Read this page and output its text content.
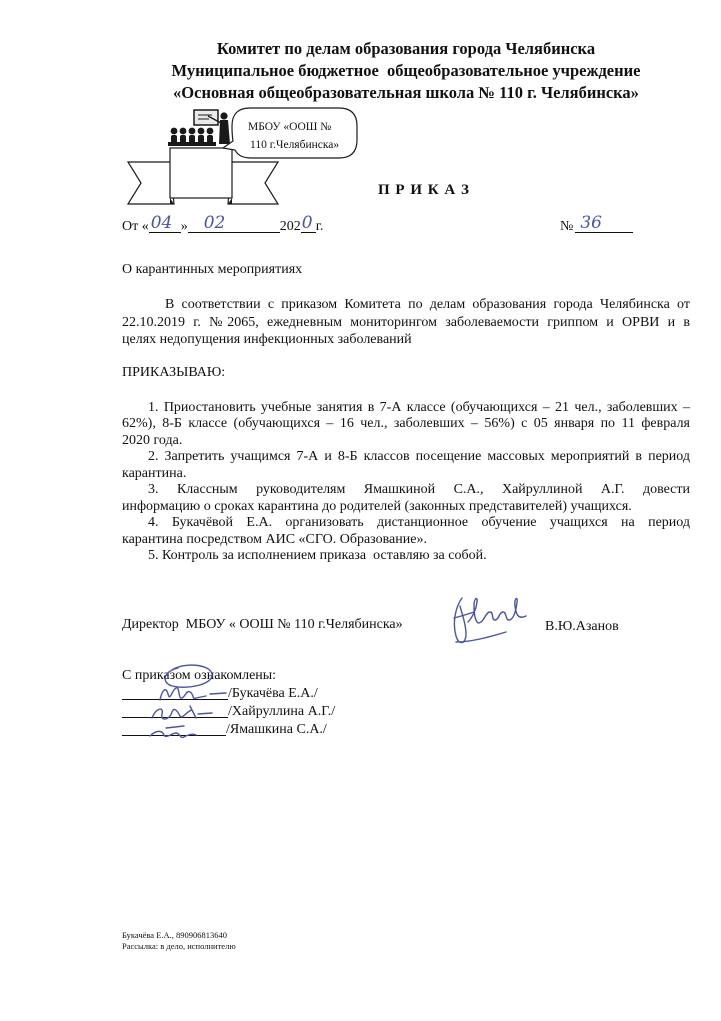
Комитет по делам образования города Челябинска
Муниципальное бюджетное  общеобразовательное учреждение
«Основная общеобразовательная школа № 110 г. Челябинска»
МБОУ «ООШ №
110 г.Челябинска»
П Р И К А З
От « 04 » 02	202 0 г.	№ 36
О карантинных мероприятиях
В соответствии с приказом Комитета по делам образования города Челябинска от
22.10.2019 г. №2065, ежедневным мониторингом заболеваемости гриппом и ОРВИ и в
целях недопущения инфекционных заболеваний
ПРИКАЗЫВАЮ:
1. Приостановить учебные занятия в 7-А классе (обучающихся – 21 чел., заболевших –
62%), 8-Б классе (обучающихся – 16 чел., заболевших – 56%) с 05 января по 11 февраля
2020 года.
2. Запретить учащимся 7-А и 8-Б классов посещение массовых мероприятий в период
карантина.
3. Классным руководителям Ямашкиной С.А., Хайруллиной А.Г. довести
информацию о сроках карантина до родителей (законных представителей) учащихся.
4. Букачёвой Е.А. организовать дистанционное обучение учащихся на период
карантина посредством АИС «СГО. Образование».
5. Контроль за исполнением приказа  оставляю за собой.
Директор  МБОУ « ООШ № 110 г.Челябинска»	В.Ю.Азанов
С приказом ознакомлены:
/Букачёва Е.А./
/Хайруллина А.Г./
/Ямашкина С.А./
Букачёва Е.А., 890906813640
Рассылка: в дело, исполнителю
